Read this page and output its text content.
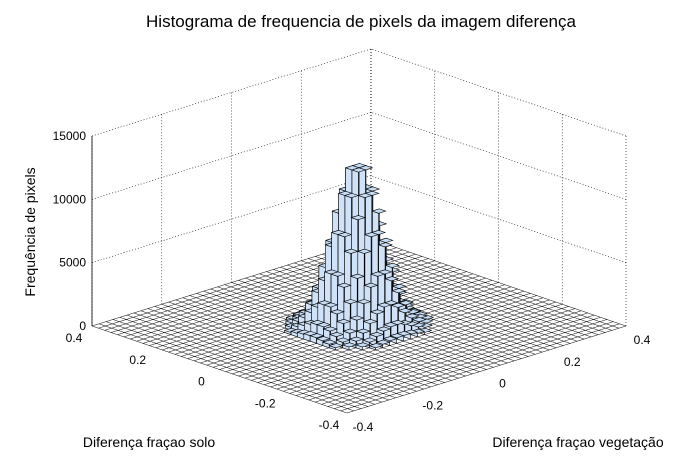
Histograma de frequencia de pixels da imagem diferença
0
5000
10000
15000
-0.4
-0.2
0
0.2
0.4
-0.4
-0.2
0
0.2
0.4
Frequência de pixels
Diferença fraçao solo	Diferença fraçao vegetação
